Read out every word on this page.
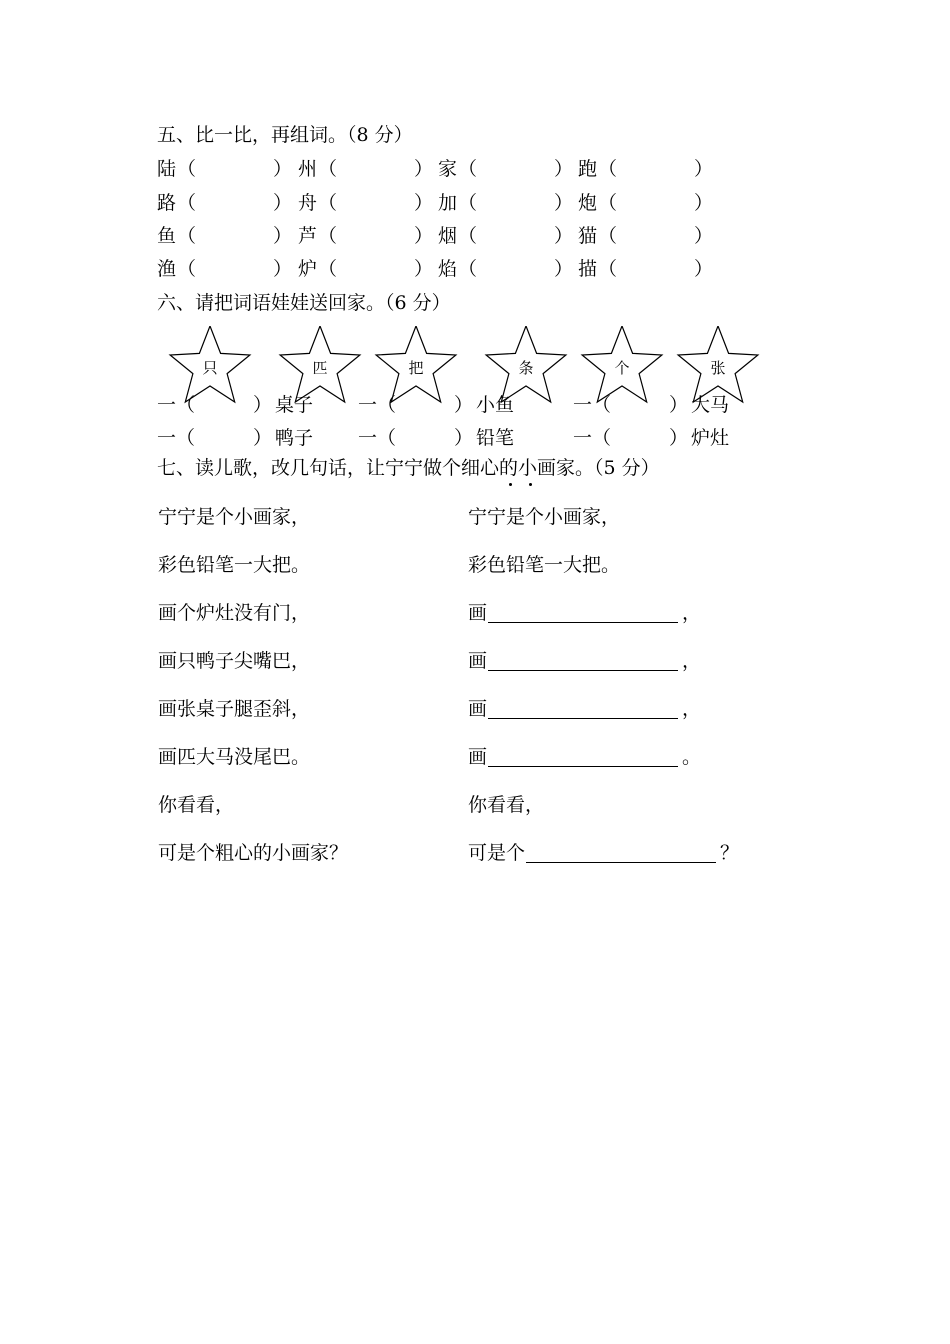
五、比一比，再组词。（8 分）
陆 （	） 州 （	） 家 （	） 跑 （	）
路 （	） 舟 （	） 加 （	） 炮 （	）
鱼 （	） 芦 （	） 烟 （	） 猫 （	）
渔 （	） 炉 （	） 焰 （	） 描 （	）
六、请把词语娃娃送回家。（6 分）
只	匹	把	条	个	张
一（	） 桌子 一（	） 小鱼	一（	） 大马
一（	） 鸭子 一（	） 铅笔	一（	） 炉灶
七、读儿歌，改几句话，让宁宁做个细心的小画家。（5 分）
宁宁是个小画家，
彩色铅笔一大把。
画个炉灶没有门，
画只鸭子尖嘴巴，
画张桌子腿歪斜，
画匹大马没尾巴。
你看看，
可是个粗心的小画家？
宁宁是个小画家，
彩色铅笔一大把。
画	，
画	，
画	，
画	。
你看看，
可是个	？
